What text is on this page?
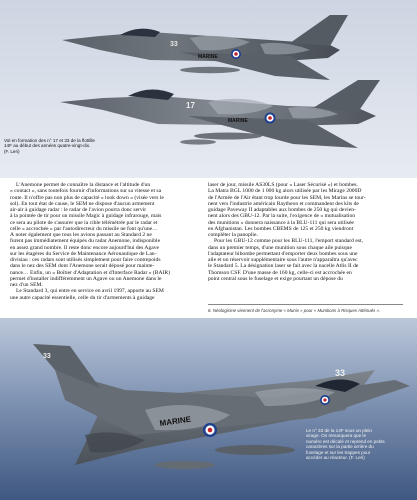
MARINE
33
17
MARINE
Vol en formation des n° 17 et 33 de la flottille
14F au début des années quatre-vingt-dix.
(F. Leri)

L'Anemone permet de connaître la distance et l'altitude d'un
« contact », sans toutefois fournir d'informations sur sa vitesse et sa
route. Il n'offre pas non plus de capacité « look down » (visée vers le
sol). En tout état de cause, le SEM ne dispose d'aucun armement
air-air à guidage radar : le radar de l'avion pourra donc servir
à la pointée de tir pour un missile Magic à guidage infrarouge, mais
ce sera au pilote de s'assurer que la cible télémétrée par le radar et
celle « accrochée » par l'autodirecteur du missile ne font qu'une…
À noter également que tous les avions passant au Standard 2 ne
furent pas immédiatement équipés du radar Anemone, indisponible
en assez grand nombre. Il reste donc encore aujourd'hui des Agave
sur les étagères du Service de Maintenance Aéronautique de Lan-
divisiau : ces radars sont utilisés simplement pour faire contrepoids
dans le nez des SEM dont l'Anemone serait déposé pour mainte-
nance… Enfin, un « Boîtier d'Adaptation et d'Interface Radar » (BAIR)
permet d'installer indifféremment un Agave ou un Anemone dans le
nez d'un SEM.
Le Standard 3, qui entre en service en avril 1997, apporte au SEM
une autre capacité essentielle, celle du tir d'armements à guidage

laser de jour, missile AS30LS (pour « Laser Sécurisé ») et bombes.
La Matra BGL 1000 de 1 000 kg alors utilisée par les Mirage 2000D
de l'Armée de l'Air étant trop lourde pour les SEM, les Marins se tour-
nent vers l'industrie américain Raytheon et commandent des kits de
guidage Paveway II adaptables aux bombes de 250 kg qui devien-
nent alors des GBU-12. Par la suite, l'exigence de « mutualisation
des munitions » donnera naissance à la BLU-111 qui sera utilisée
en Afghanistan. Les bombes CBEMS de 125 et 250 kg viendront
compléter la panoplie.
Pour les GBU-12 comme pour les BLU-111, l'emport standard est,
dans un premier temps, d'une munition sous chaque aile puisque
l'adaptateur bibombe permettant d'emporter deux bombes sous une
aile et un réservoir supplémentaire sous l'autre n'apparaîtra qu'avec
le Standard 5. La désignation laser se fait avec la nacelle Atlis II de
Thomson CSF. D'une masse de 160 kg, celle-ci est accrochée en
point central sous le fuselage et exige pourtant un dépose du

6. Néologisme viennent de l'acronyme « Munis » pour « Munitions à Risques Atténués ».
MARINE
33
33
Le n° 33 de la 14F sous un plein
virage. On remarquera que le
numéro est décalé et reprend en petits
caractères sur la partie arrière du
fuselage et sur les trappes pour
accéder au réacteur. (F. Leri)
